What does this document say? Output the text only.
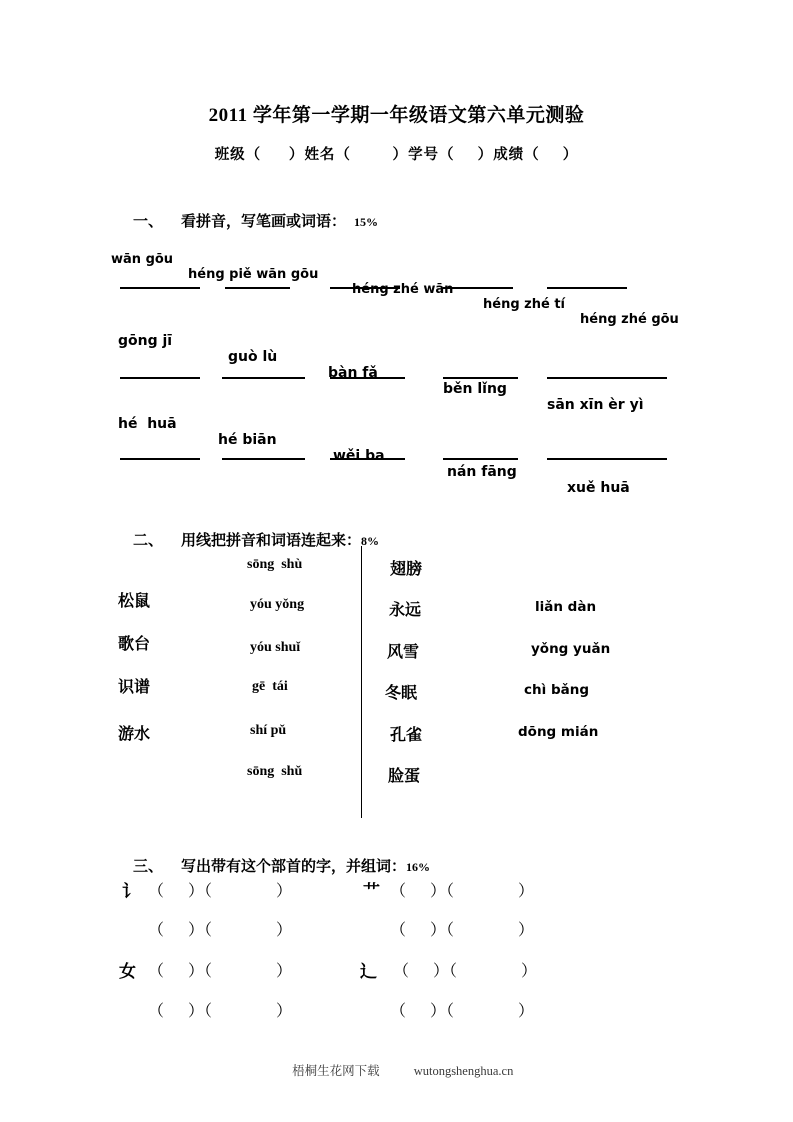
2011 学年第一学期一年级语文第六单元测验
班级（      ）姓名（         ）学号（     ）成绩（     ）

一、 看拼音，写笔画或词语： 15%

wān gōu

héng piě wān gōu

héng zhé wān

héng zhé tí

héng zhé gōu

gōng jī

guò lù

bàn fǎ

běn lǐng

sān xīn èr yì

hé  huā

hé biān

wěi ba

nán fāng

xuě huā

二、 用线把拼音和词语连起来：8%

松鼠
歌台
识谱
游水
sōng  shù
yóu yǒng
yóu shuǐ
gē  tái
shí pǔ
sōng  shǔ
翅膀
永远
风雪
冬眠
孔雀
脸蛋
liǎn dàn
yǒng yuǎn
chì bǎng
dōng mián

三、 写出带有这个部首的字，并组词：16%

讠 （      ）（                ）	艹 （      ）（                ）
（      ）（                ）	（      ）（                ）
女 （      ）（                ）	辶 （      ）（                ）
（      ）（                ）	（      ）（                ）

梧桐生花网下载	wutongshenghua.cn
